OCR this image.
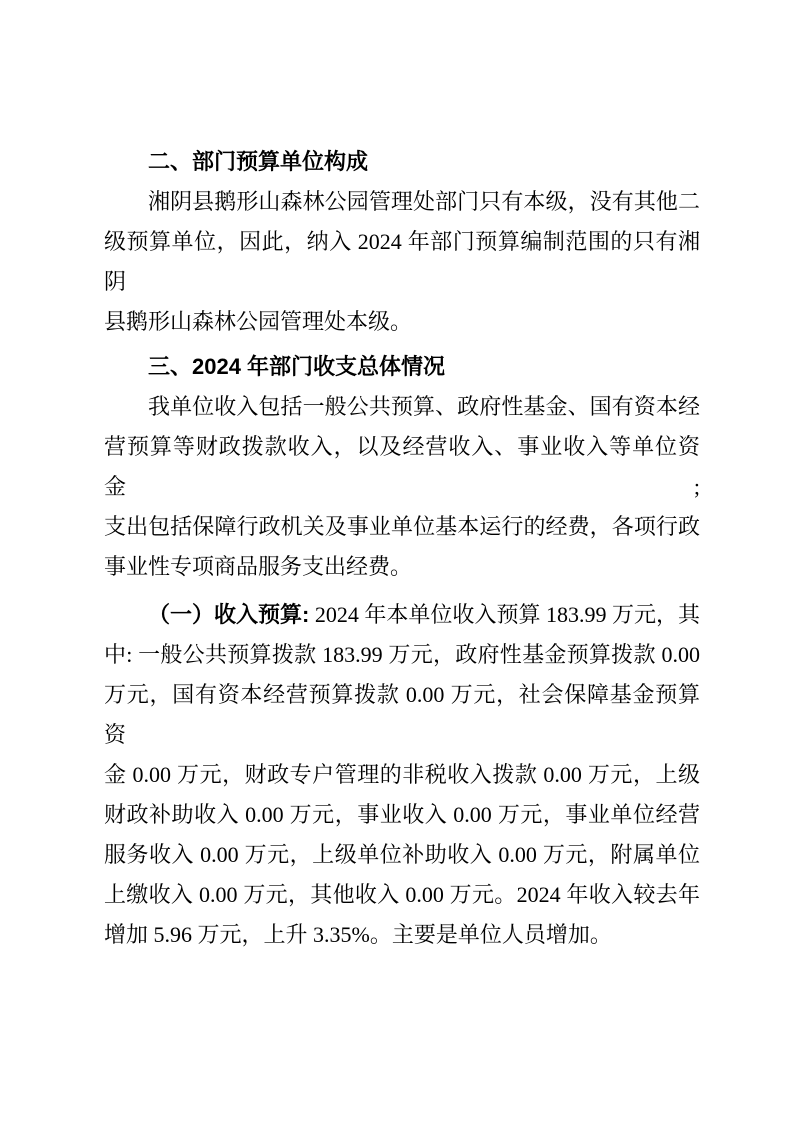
二、部门预算单位构成
湘阴县鹅形山森林公园管理处部门只有本级，没有其他二
级预算单位，因此，纳入 2024 年部门预算编制范围的只有湘阴
县鹅形山森林公园管理处本级。
三、2024 年部门收支总体情况
我单位收入包括一般公共预算、政府性基金、国有资本经
营预算等财政拨款收入，以及经营收入、事业收入等单位资金;
支出包括保障行政机关及事业单位基本运行的经费，各项行政
事业性专项商品服务支出经费。
（一）收入预算: 2024 年本单位收入预算 183.99 万元，其
中: 一般公共预算拨款 183.99 万元，政府性基金预算拨款 0.00
万元，国有资本经营预算拨款 0.00 万元，社会保障基金预算资
金 0.00 万元，财政专户管理的非税收入拨款 0.00 万元，上级
财政补助收入 0.00 万元，事业收入 0.00 万元，事业单位经营
服务收入 0.00 万元，上级单位补助收入 0.00 万元，附属单位
上缴收入 0.00 万元，其他收入 0.00 万元。2024 年收入较去年
增加 5.96 万元，上升 3.35%。主要是单位人员增加。
